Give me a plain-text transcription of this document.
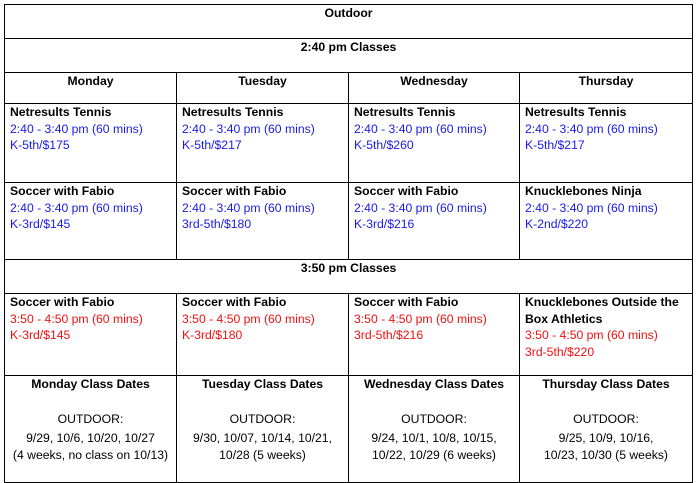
Outdoor			
2:40 pm Classes			
Monday	Tuesday	Wednesday	Thursday

Netresults Tennis
2:40 - 3:40 pm (60 mins)
K-5th/$175	Netresults Tennis
2:40 - 3:40 pm (60 mins)
K-5th/$217	Netresults Tennis
2:40 - 3:40 pm (60 mins)
K-5th/$260	Netresults Tennis
2:40 - 3:40 pm (60 mins)
K-5th/$217

Soccer with Fabio
2:40 - 3:40 pm (60 mins)
K-3rd/$145	Soccer with Fabio
2:40 - 3:40 pm (60 mins)
3rd-5th/$180	Soccer with Fabio
2:40 - 3:40 pm (60 mins)
K-3rd/$216	Knucklebones Ninja
2:40 - 3:40 pm (60 mins)
K-2nd/$220

3:50 pm Classes			

Soccer with Fabio
3:50 - 4:50 pm (60 mins)
K-3rd/$145	Soccer with Fabio
3:50 - 4:50 pm (60 mins)
K-3rd/$180	Soccer with Fabio
3:50 - 4:50 pm (60 mins)
3rd-5th/$216	Knucklebones Outside the Box Athletics
3:50 - 4:50 pm (60 mins)
3rd-5th/$220

Monday Class Dates
OUTDOOR:
9/29, 10/6, 10/20, 10/27
(4 weeks, no class on 10/13)	Tuesday Class Dates
OUTDOOR:
9/30, 10/07, 10/14, 10/21,
10/28 (5 weeks)	Wednesday Class Dates
OUTDOOR:
9/24, 10/1, 10/8, 10/15,
10/22, 10/29 (6 weeks)	Thursday Class Dates
OUTDOOR:
9/25, 10/9, 10/16,
10/23, 10/30 (5 weeks)
